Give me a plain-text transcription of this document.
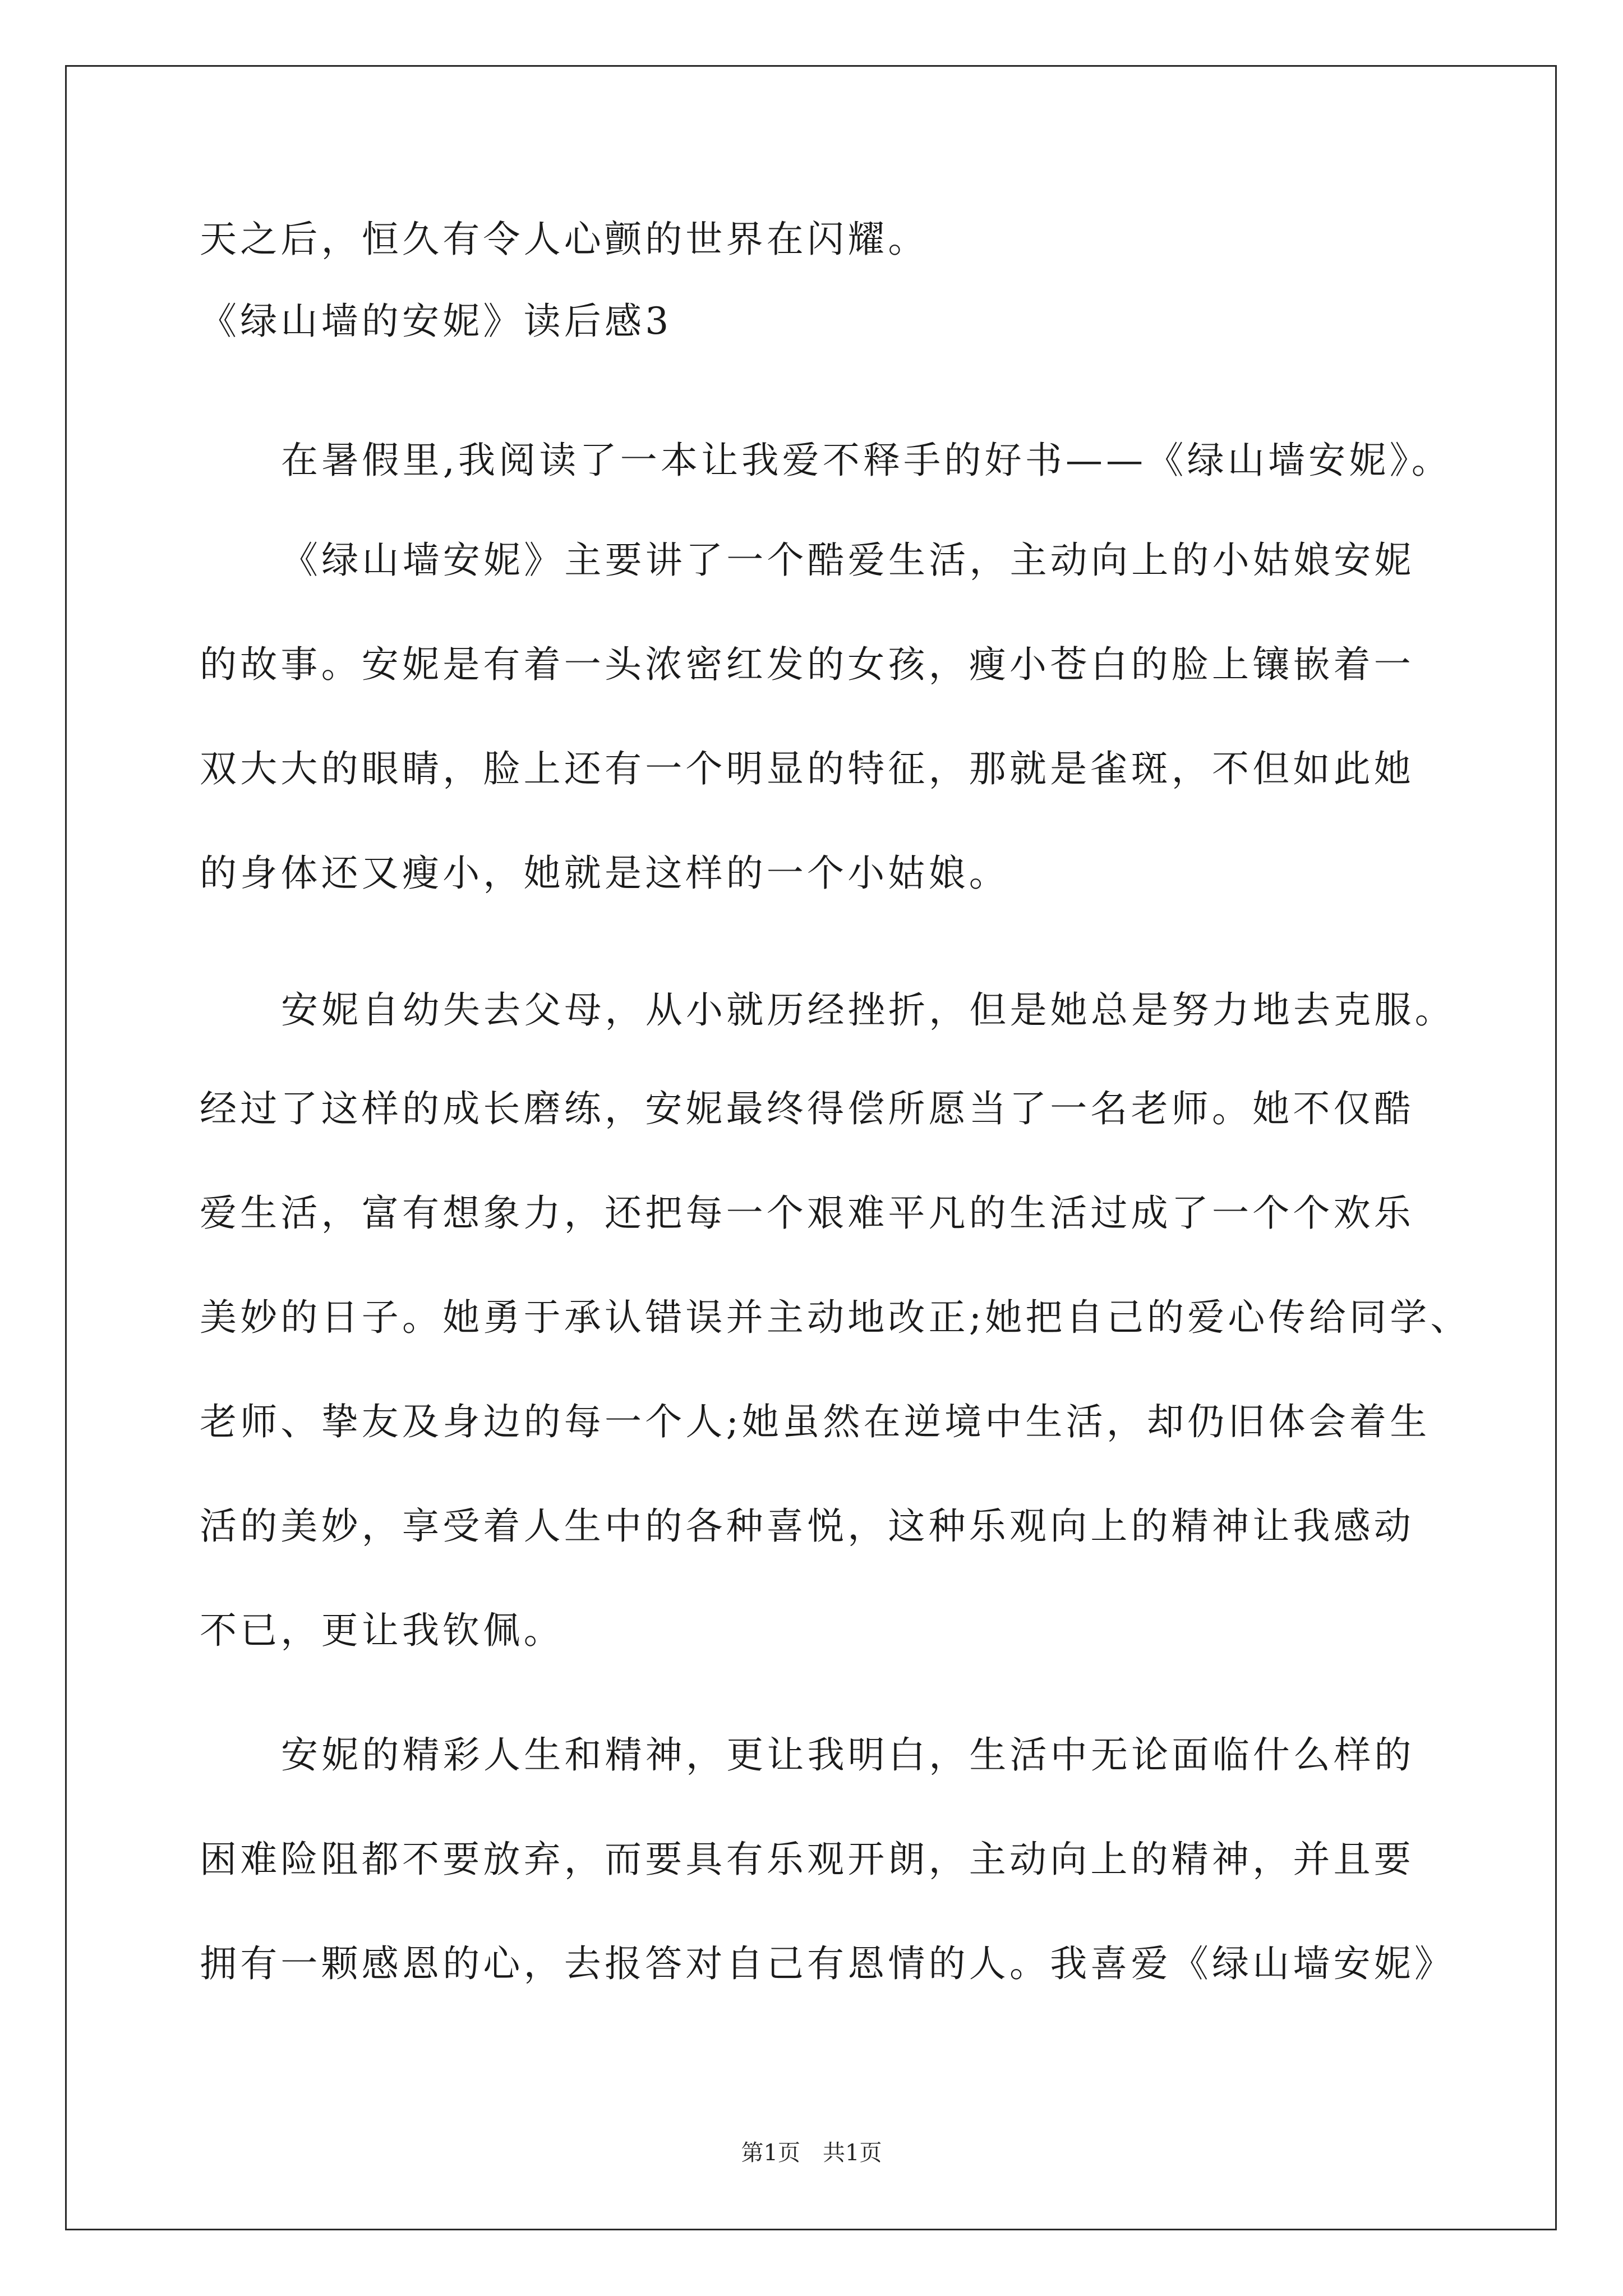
天之后，恒久有令人心颤的世界在闪耀。
《绿山墙的安妮》读后感3
在暑假里,我阅读了一本让我爱不释手的好书——《绿山墙安妮》。
《绿山墙安妮》主要讲了一个酷爱生活，主动向上的小姑娘安妮
的故事。安妮是有着一头浓密红发的女孩，瘦小苍白的脸上镶嵌着一
双大大的眼睛，脸上还有一个明显的特征，那就是雀斑，不但如此她
的身体还又瘦小，她就是这样的一个小姑娘。
安妮自幼失去父母，从小就历经挫折，但是她总是努力地去克服。
经过了这样的成长磨练，安妮最终得偿所愿当了一名老师。她不仅酷
爱生活，富有想象力，还把每一个艰难平凡的生活过成了一个个欢乐
美妙的日子。她勇于承认错误并主动地改正;她把自己的爱心传给同学、
老师、挚友及身边的每一个人;她虽然在逆境中生活，却仍旧体会着生
活的美妙，享受着人生中的各种喜悦，这种乐观向上的精神让我感动
不已，更让我钦佩。
安妮的精彩人生和精神，更让我明白，生活中无论面临什么样的
困难险阻都不要放弃，而要具有乐观开朗，主动向上的精神，并且要
拥有一颗感恩的心，去报答对自己有恩情的人。我喜爱《绿山墙安妮》
第1页 共1页
